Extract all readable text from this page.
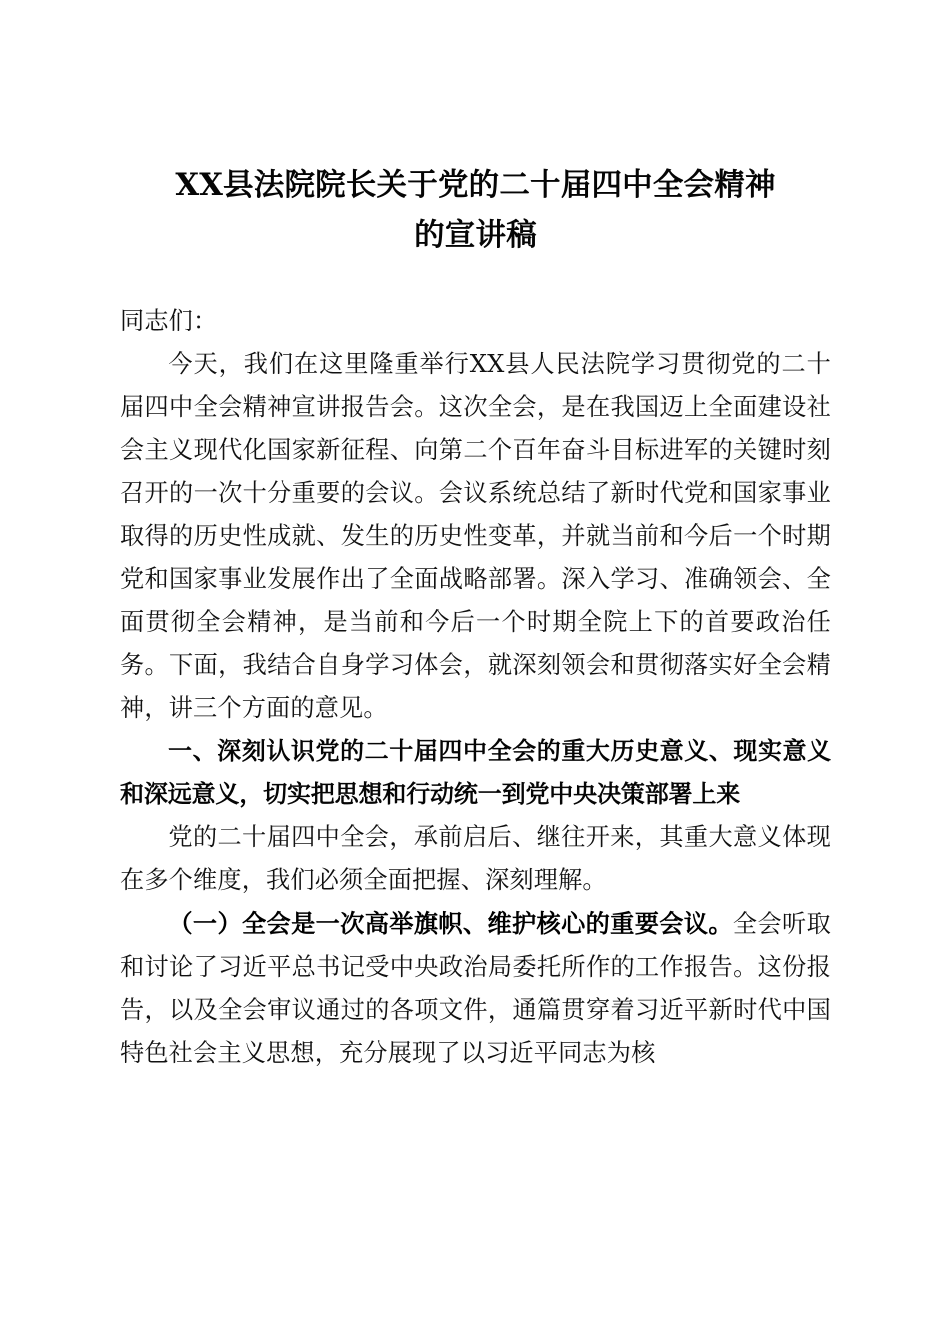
XX县法院院长关于党的二十届四中全会精神
的宣讲稿

同志们：

今天，我们在这里隆重举行XX县人民法院学习贯彻党的二十届四中全会精神宣讲报告会。这次全会，是在我国迈上全面建设社会主义现代化国家新征程、向第二个百年奋斗目标进军的关键时刻召开的一次十分重要的会议。会议系统总结了新时代党和国家事业取得的历史性成就、发生的历史性变革，并就当前和今后一个时期党和国家事业发展作出了全面战略部署。深入学习、准确领会、全面贯彻全会精神，是当前和今后一个时期全院上下的首要政治任务。下面，我结合自身学习体会，就深刻领会和贯彻落实好全会精神，讲三个方面的意见。

一、深刻认识党的二十届四中全会的重大历史意义、现实意义和深远意义，切实把思想和行动统一到党中央决策部署上来

党的二十届四中全会，承前启后、继往开来，其重大意义体现在多个维度，我们必须全面把握、深刻理解。

（一）全会是一次高举旗帜、维护核心的重要会议。全会听取和讨论了习近平总书记受中央政治局委托所作的工作报告。这份报告，以及全会审议通过的各项文件，通篇贯穿着习近平新时代中国特色社会主义思想，充分展现了以习近平同志为核
